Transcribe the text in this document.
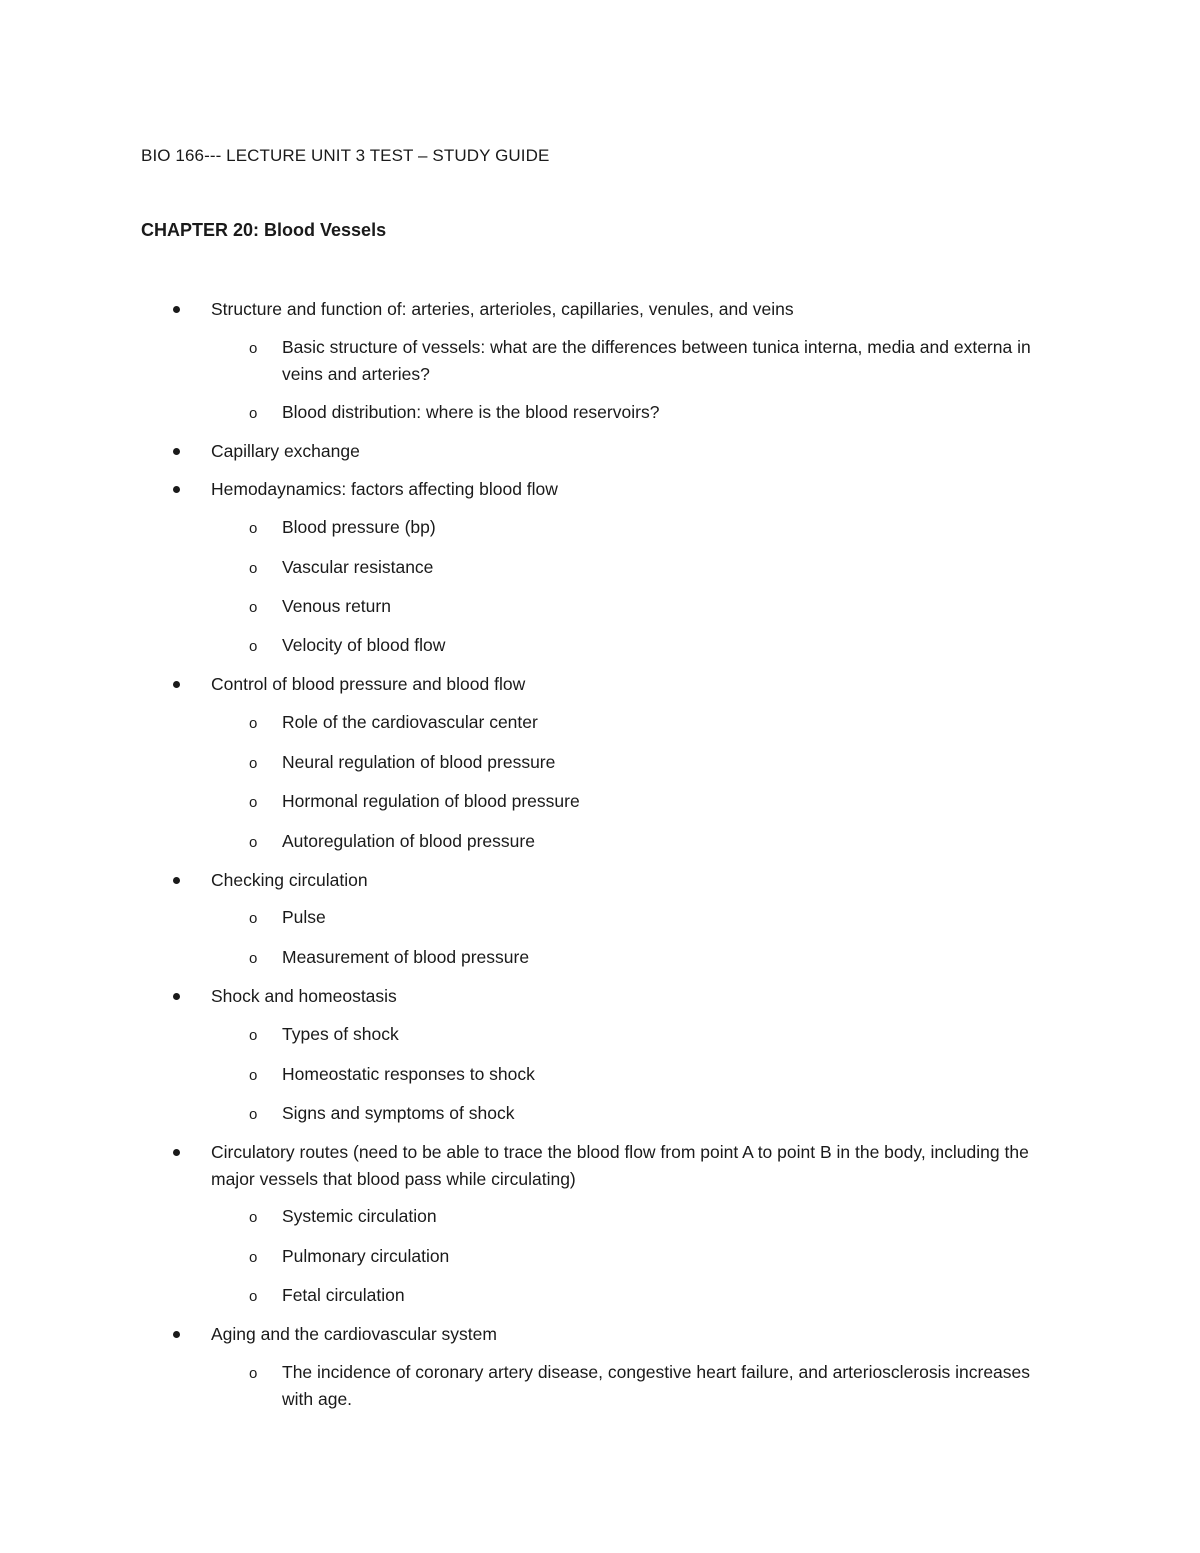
BIO 166--- LECTURE UNIT 3 TEST – STUDY GUIDE
CHAPTER 20: Blood Vessels
Structure and function of: arteries, arterioles, capillaries, venules, and veins
o Basic structure of vessels: what are the differences between tunica interna, media and externa in veins and arteries?
o Blood distribution: where is the blood reservoirs?
Capillary exchange
Hemodaynamics: factors affecting blood flow
o Blood pressure (bp)
o Vascular resistance
o Venous return
o Velocity of blood flow
Control of blood pressure and blood flow
o Role of the cardiovascular center
o Neural regulation of blood pressure
o Hormonal regulation of blood pressure
o Autoregulation of blood pressure
Checking circulation
o Pulse
o Measurement of blood pressure
Shock and homeostasis
o Types of shock
o Homeostatic responses to shock
o Signs and symptoms of shock
Circulatory routes (need to be able to trace the blood flow from point A to point B in the body, including the major vessels that blood pass while circulating)
o Systemic circulation
o Pulmonary circulation
o Fetal circulation
Aging and the cardiovascular system
o The incidence of coronary artery disease, congestive heart failure, and arteriosclerosis increases with age.
